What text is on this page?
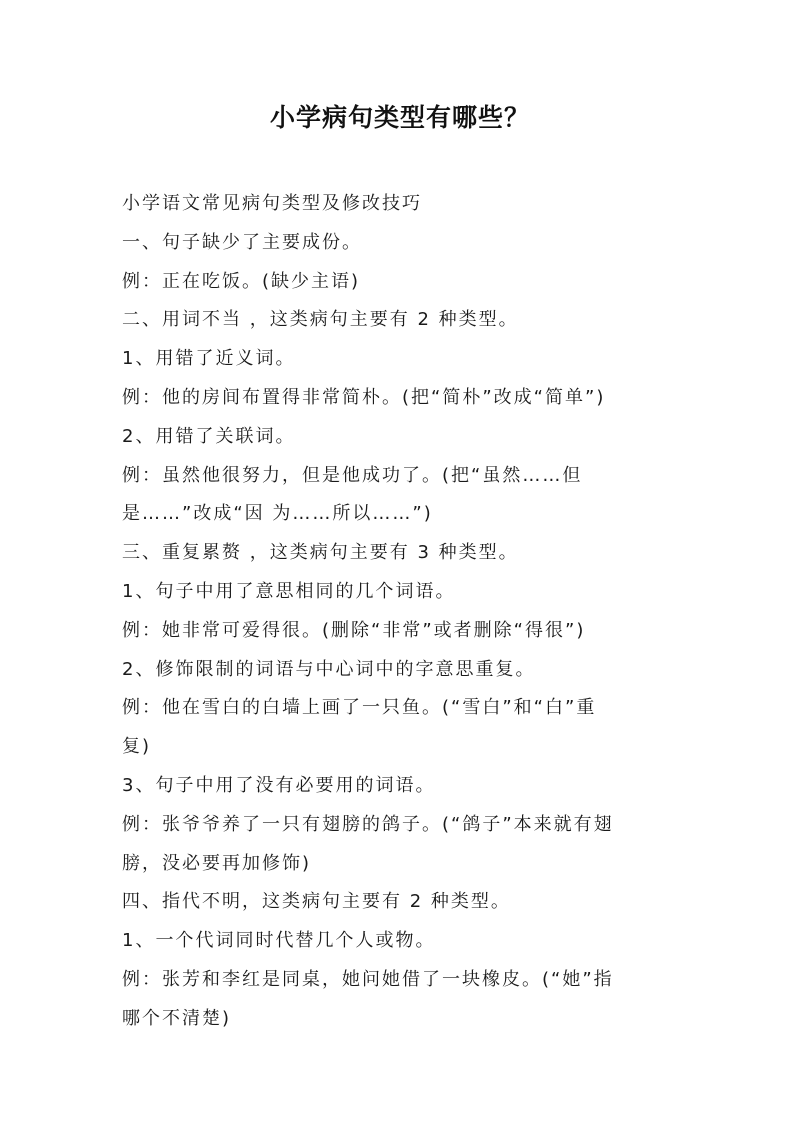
小学病句类型有哪些？

小学语文常见病句类型及修改技巧

一、句子缺少了主要成份。

例：正在吃饭。(缺少主语)

二、用词不当 ，这类病句主要有 2 种类型。

1、用错了近义词。

例：他的房间布置得非常简朴。(把“简朴”改成“简单”)

2、用错了关联词。

例：虽然他很努力，但是他成功了。(把“虽然……但

是……”改成“因 为……所以……”)

三、重复累赘 ，这类病句主要有 3 种类型。

1、句子中用了意思相同的几个词语。

例：她非常可爱得很。(删除“非常”或者删除“得很”)

2、修饰限制的词语与中心词中的字意思重复。

例：他在雪白的白墙上画了一只鱼。(“雪白”和“白”重

复)

3、句子中用了没有必要用的词语。

例：张爷爷养了一只有翅膀的鸽子。(“鸽子”本来就有翅

膀，没必要再加修饰)

四、指代不明，这类病句主要有 2 种类型。

1、一个代词同时代替几个人或物。

例：张芳和李红是同桌，她问她借了一块橡皮。(“她”指

哪个不清楚)
